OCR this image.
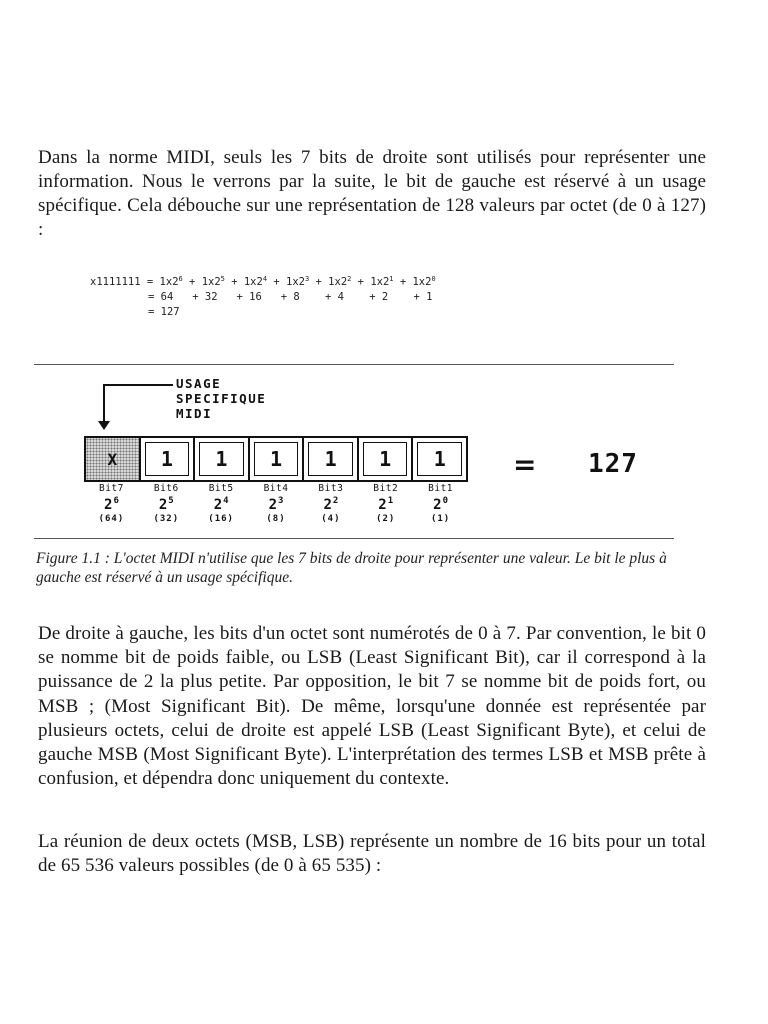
Dans la norme MIDI, seuls les 7 bits de droite sont utilisés pour représenter une information. Nous le verrons par la suite, le bit de gauche est réservé à un usage spécifique. Cela débouche sur une représentation de 128 valeurs par octet (de 0 à 127) :

$x1111111 = 1x2^6 + 1x2^5 + 1x2^4 + 1x2^3 + 1x2^2 + 1x2^1 + 1x2^0$
= 64   + 32   + 16   + 8    + 4    + 2    + 1
= 127
USAGE SPECIFIQUE MIDI
X 1 1 1 1 1 1 = 127
Bit7	Bit6	Bit5	Bit4	Bit3	Bit2	Bit1
$2^6$	$2^5$	$2^4$	$2^3$	$2^2$	$2^1$	$2^0$
(64)	(32)	(16)	(8)	(4)	(2)	(1)

Figure 1.1 : L'octet MIDI n'utilise que les 7 bits de droite pour représenter une valeur. Le bit le plus à gauche est réservé à un usage spécifique.

De droite à gauche, les bits d'un octet sont numérotés de 0 à 7. Par convention, le bit 0 se nomme bit de poids faible, ou LSB (Least Significant Bit), car il correspond à la puissance de 2 la plus petite. Par opposition, le bit 7 se nomme bit de poids fort, ou MSB ; (Most Significant Bit). De même, lorsqu'une donnée est représentée par plusieurs octets, celui de droite est appelé LSB (Least Significant Byte), et celui de gauche MSB (Most Significant Byte). L'interprétation des termes LSB et MSB prête à confusion, et dépendra donc uniquement du contexte.

La réunion de deux octets (MSB, LSB) représente un nombre de 16 bits pour un total de 65 536 valeurs possibles (de 0 à 65 535) :
